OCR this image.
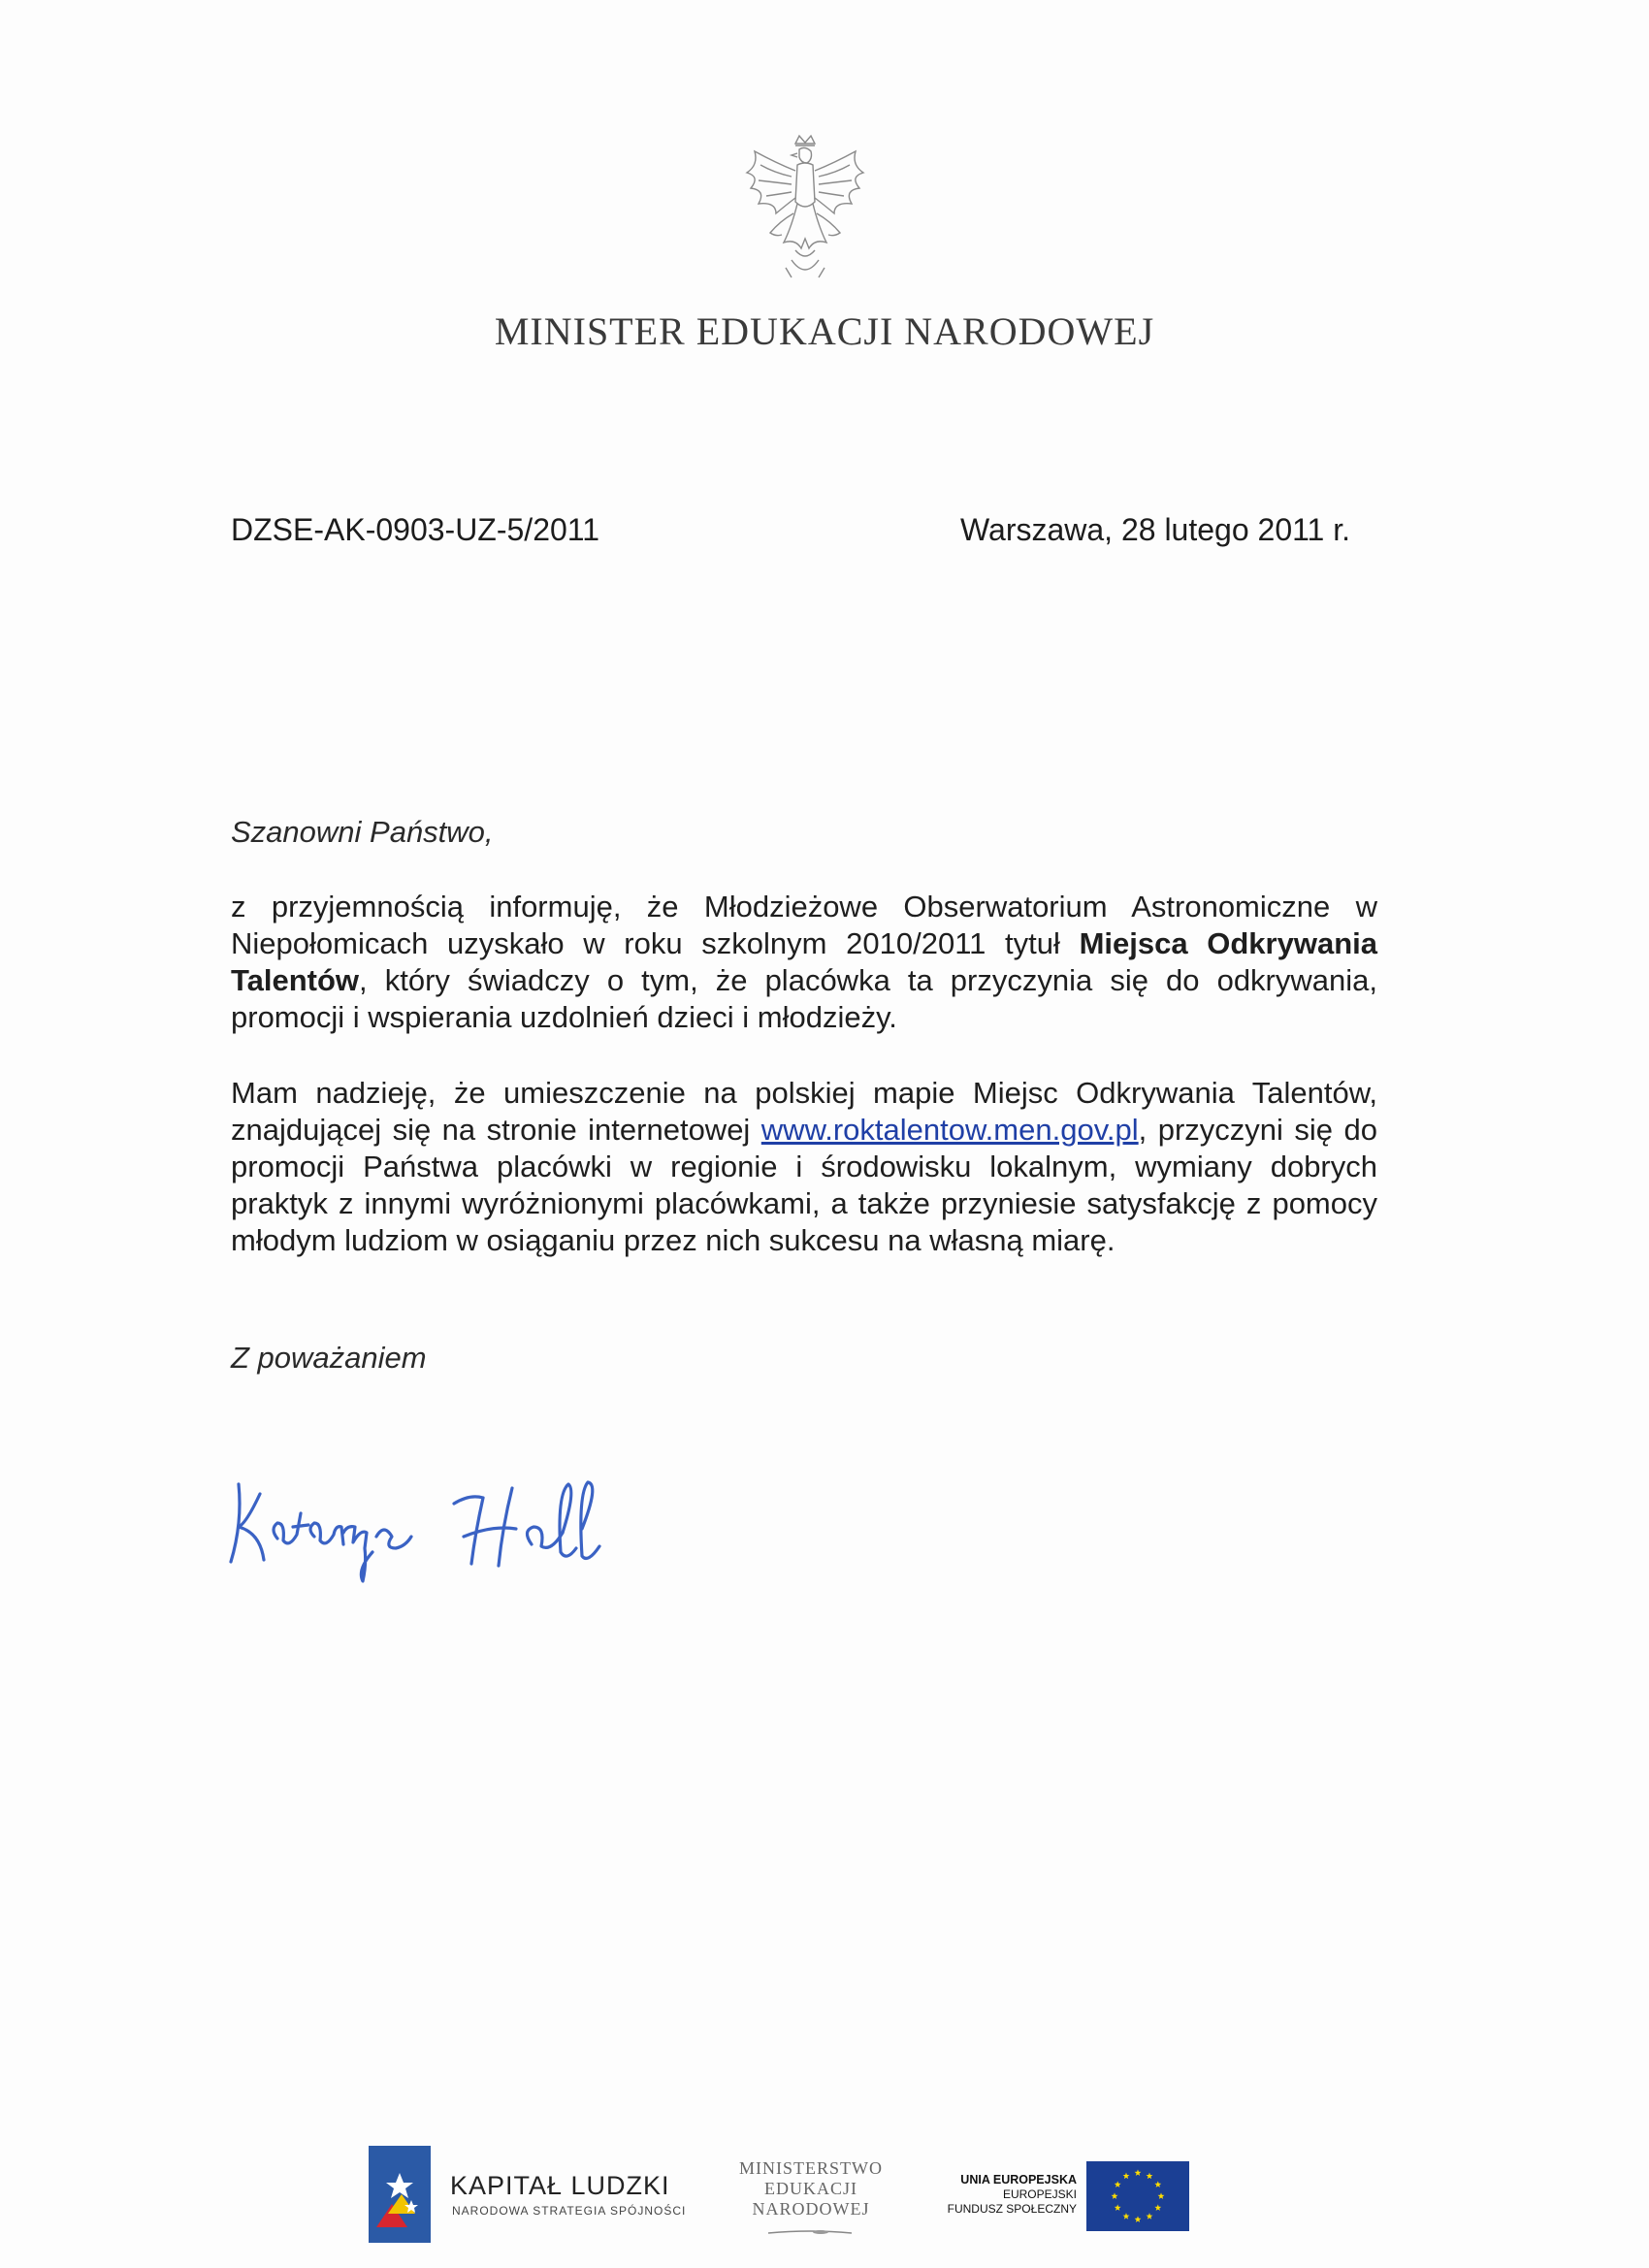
MINISTER EDUKACJI NARODOWEJ
DZSE-AK-0903-UZ-5/2011	Warszawa, 28 lutego 2011 r.
Szanowni Państwo,
z przyjemnością informuję, że Młodzieżowe Obserwatorium Astronomiczne w Niepołomicach uzyskało w roku szkolnym 2010/2011 tytuł Miejsca Odkrywania Talentów, który świadczy o tym, że placówka ta przyczynia się do odkrywania, promocji i wspierania uzdolnień dzieci i młodzieży.
Mam nadzieję, że umieszczenie na polskiej mapie Miejsc Odkrywania Talentów, znajdującej się na stronie internetowej www.roktalentow.men.gov.pl, przyczyni się do promocji Państwa placówki w regionie i środowisku lokalnym, wymiany dobrych praktyk z innymi wyróżnionymi placówkami, a także przyniesie satysfakcję z pomocy młodym ludziom w osiąganiu przez nich sukcesu na własną miarę.
Z poważaniem
KAPITAŁ LUDZKI
NARODOWA STRATEGIA SPÓJNOŚCI
MINISTERSTWO
EDUKACJI
NARODOWEJ
UNIA EUROPEJSKA
EUROPEJSKI
FUNDUSZ SPOŁECZNY
